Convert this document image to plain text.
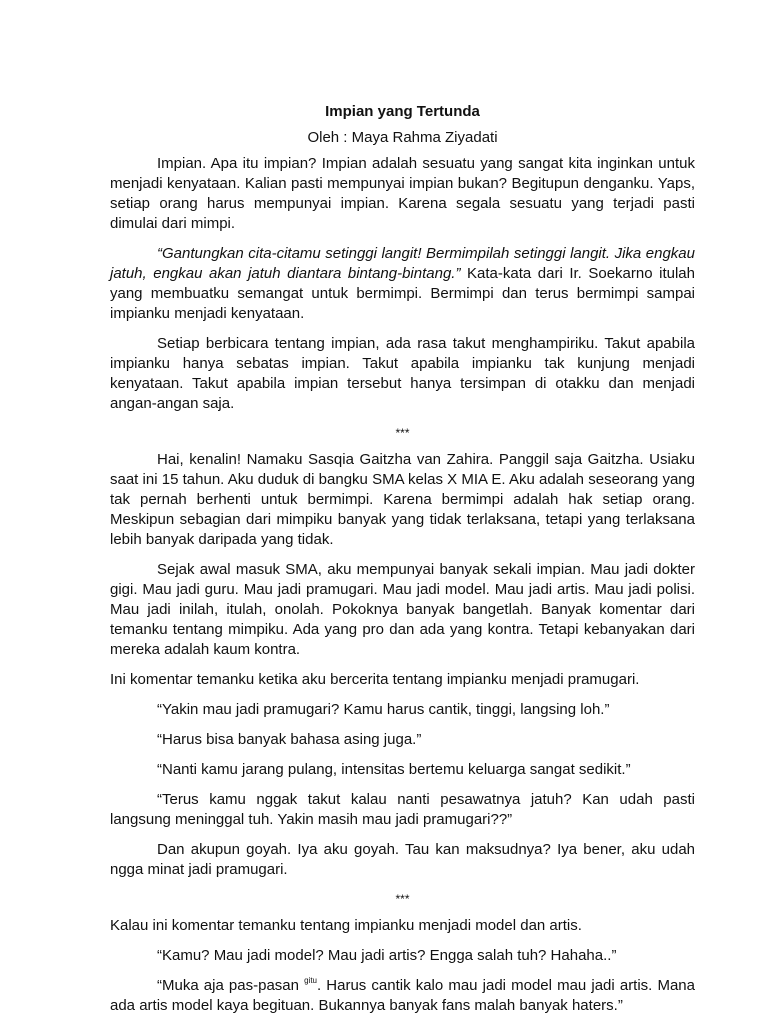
Impian yang Tertunda
Oleh : Maya Rahma Ziyadati

Impian. Apa itu impian? Impian adalah sesuatu yang sangat kita inginkan untuk menjadi kenyataan. Kalian pasti mempunyai impian bukan? Begitupun denganku. Yaps, setiap orang harus mempunyai impian. Karena segala sesuatu yang terjadi pasti dimulai dari mimpi.

“Gantungkan cita-citamu setinggi langit! Bermimpilah setinggi langit. Jika engkau jatuh, engkau akan jatuh diantara bintang-bintang.” Kata-kata dari Ir. Soekarno itulah yang membuatku semangat untuk bermimpi. Bermimpi dan terus bermimpi sampai impianku menjadi kenyataan.

Setiap berbicara tentang impian, ada rasa takut menghampiriku. Takut apabila impianku hanya sebatas impian. Takut apabila impianku tak kunjung menjadi kenyataan. Takut apabila impian tersebut hanya tersimpan di otakku dan menjadi angan-angan saja.

***

Hai, kenalin! Namaku Sasqia Gaitzha van Zahira. Panggil saja Gaitzha. Usiaku saat ini 15 tahun. Aku duduk di bangku SMA kelas X MIA E. Aku adalah seseorang yang tak pernah berhenti untuk bermimpi. Karena bermimpi adalah hak setiap orang. Meskipun sebagian dari mimpiku banyak yang tidak terlaksana, tetapi yang terlaksana lebih banyak daripada yang tidak.

Sejak awal masuk SMA, aku mempunyai banyak sekali impian. Mau jadi dokter gigi. Mau jadi guru. Mau jadi pramugari. Mau jadi model. Mau jadi artis. Mau jadi polisi. Mau jadi inilah, itulah, onolah. Pokoknya banyak bangetlah. Banyak komentar dari temanku tentang mimpiku. Ada yang pro dan ada yang kontra. Tetapi kebanyakan dari mereka adalah kaum kontra.

Ini komentar temanku ketika aku bercerita tentang impianku menjadi pramugari.

“Yakin mau jadi pramugari? Kamu harus cantik, tinggi, langsing loh.”

“Harus bisa banyak bahasa asing juga.”

“Nanti kamu jarang pulang, intensitas bertemu keluarga sangat sedikit.”

“Terus kamu nggak takut kalau nanti pesawatnya jatuh? Kan udah pasti langsung meninggal tuh. Yakin masih mau jadi pramugari??”

Dan akupun goyah. Iya aku goyah. Tau kan maksudnya? Iya bener, aku udah ngga minat jadi pramugari.

***

Kalau ini komentar temanku tentang impianku menjadi model dan artis.

“Kamu? Mau jadi model? Mau jadi artis? Engga salah tuh? Hahaha..”

“Muka aja pas-pasan $^{gitu}$. Harus cantik kalo mau jadi model mau jadi artis. Mana ada artis model kaya begituan. Bukannya banyak fans malah banyak haters.”
